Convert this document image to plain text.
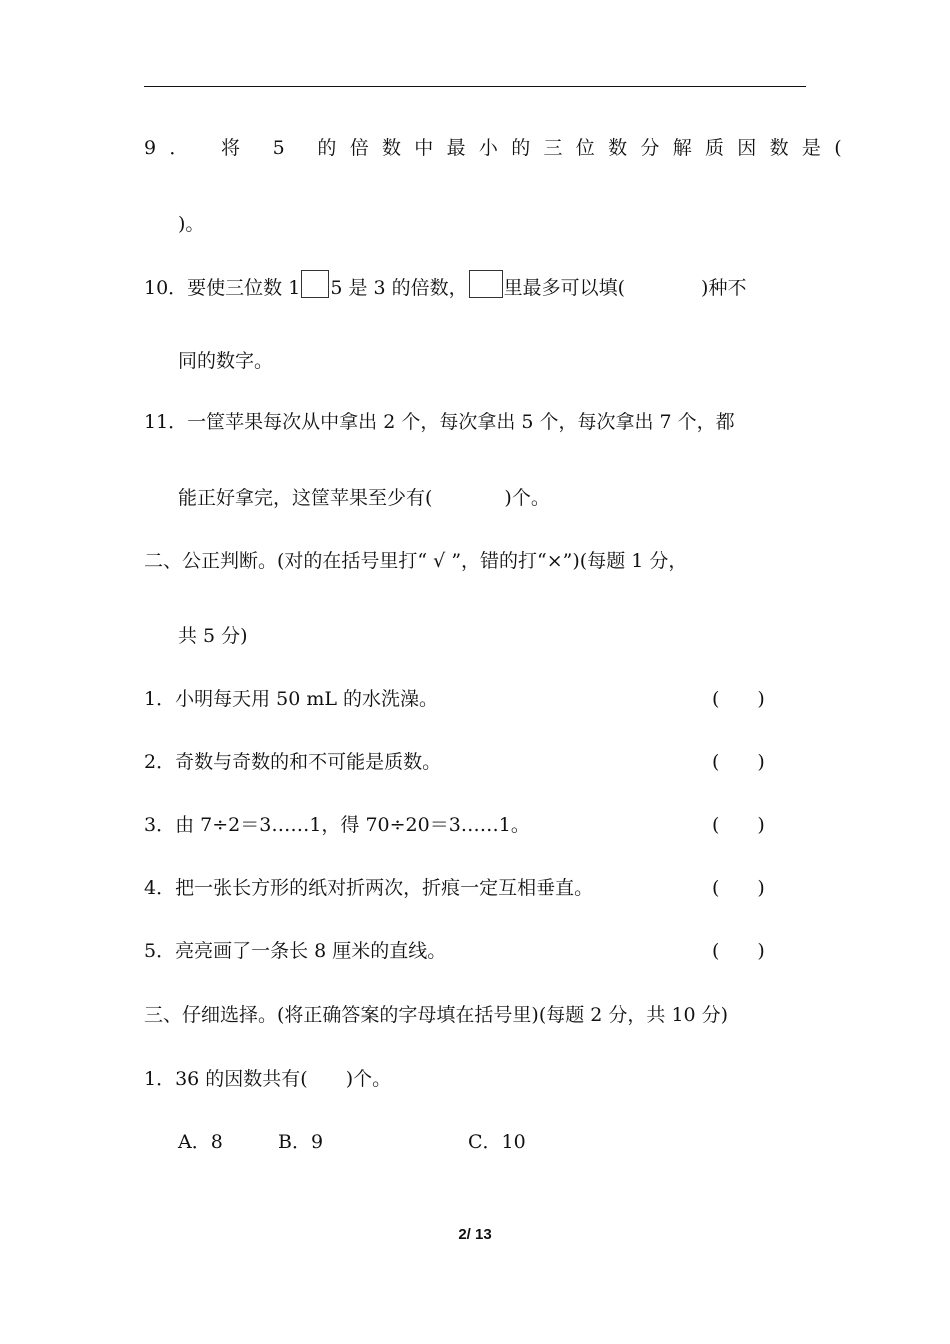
9． 将 5 的倍数中最小的三位数分解质因数是(
)。
10．要使三位数 1 5 是 3 的倍数， 里最多可以填(	)种不
同的数字。
11．一筐苹果每次从中拿出 2 个，每次拿出 5 个，每次拿出 7 个，都
能正好拿完，这筐苹果至少有(	)个。
二、公正判断。(对的在括号里打“ √ ”，错的打“×”)(每题 1 分，
共 5 分)
1．小明每天用 50 mL 的水洗澡。	(　　)
2．奇数与奇数的和不可能是质数。	(　　)
3．由 7÷2＝3……1，得 70÷20＝3……1。	(　　)
4．把一张长方形的纸对折两次，折痕一定互相垂直。	(　　)
5．亮亮画了一条长 8 厘米的直线。	(　　)
三、仔细选择。(将正确答案的字母填在括号里)(每题 2 分，共 10 分)
1．36 的因数共有(　　)个。
A．8	B．9	C．10
2/ 13
